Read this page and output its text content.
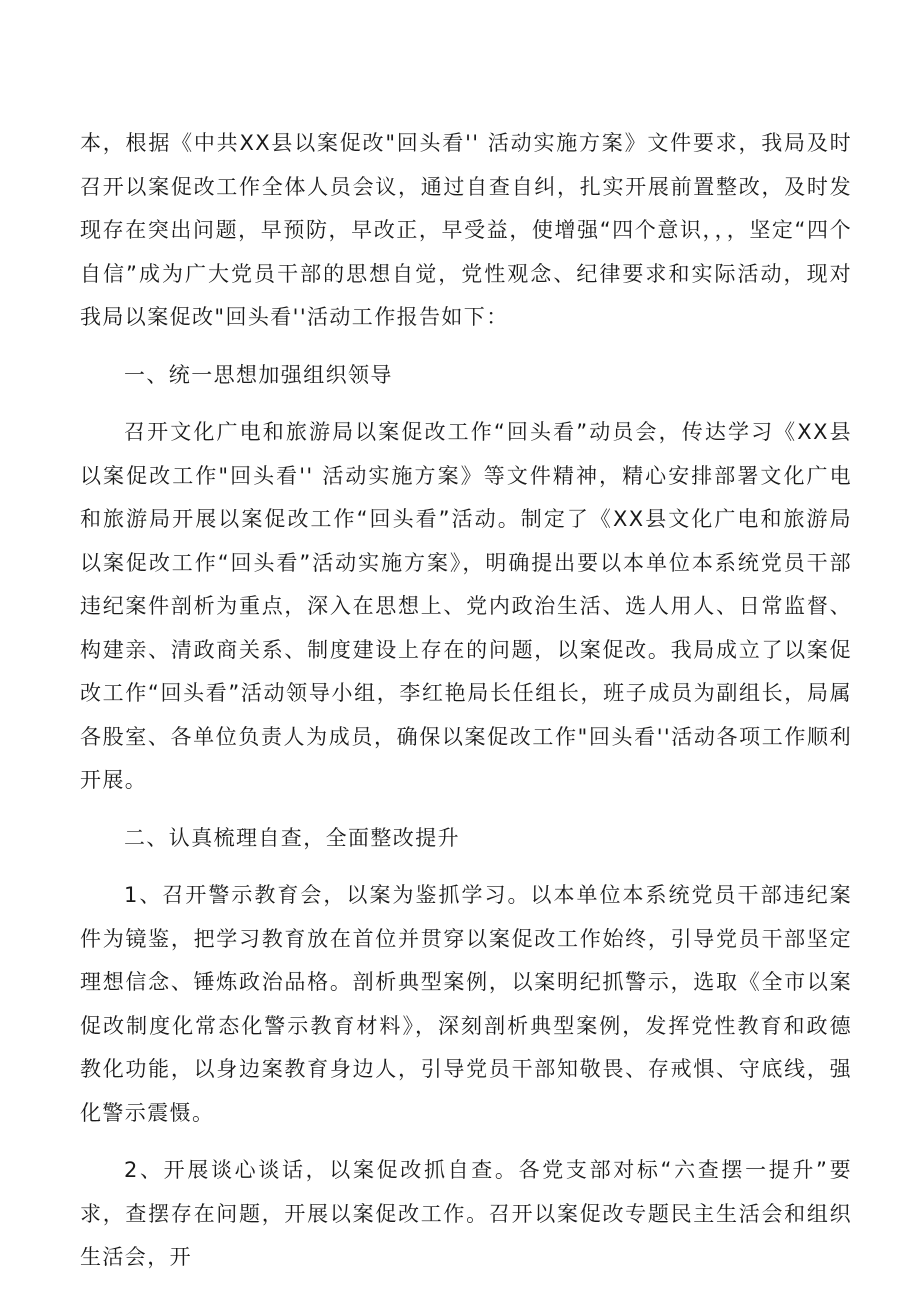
本，根据《中共XX县以案促改"回头看'' 活动实施方案》文件要求，我局及时召开以案促改工作全体人员会议，通过自查自纠，扎实开展前置整改，及时发现存在突出问题，早预防，早改正，早受益，使增强“四个意识，，，坚定“四个自信”成为广大党员干部的思想自觉，党性观念、纪律要求和实际活动，现对我局以案促改"回头看''活动工作报告如下：

一、统一思想加强组织领导

召开文化广电和旅游局以案促改工作“回头看”动员会，传达学习《XX县以案促改工作"回头看'' 活动实施方案》等文件精神，精心安排部署文化广电和旅游局开展以案促改工作“回头看”活动。制定了《XX县文化广电和旅游局以案促改工作“回头看”活动实施方案》，明确提出要以本单位本系统党员干部违纪案件剖析为重点，深入在思想上、党内政治生活、选人用人、日常监督、构建亲、清政商关系、制度建设上存在的问题，以案促改。我局成立了以案促改工作“回头看”活动领导小组，李红艳局长任组长，班子成员为副组长，局属各股室、各单位负责人为成员，确保以案促改工作"回头看''活动各项工作顺利开展。

二、认真梳理自查，全面整改提升

1、召开警示教育会，以案为鉴抓学习。以本单位本系统党员干部违纪案件为镜鉴，把学习教育放在首位并贯穿以案促改工作始终，引导党员干部坚定理想信念、锤炼政治品格。剖析典型案例，以案明纪抓警示，选取《全市以案促改制度化常态化警示教育材料》，深刻剖析典型案例，发挥党性教育和政德教化功能，以身边案教育身边人，引导党员干部知敬畏、存戒惧、守底线，强化警示震慑。

2、开展谈心谈话，以案促改抓自查。各党支部对标“六查摆一提升”要求，查摆存在问题，开展以案促改工作。召开以案促改专题民主生活会和组织生活会，开
